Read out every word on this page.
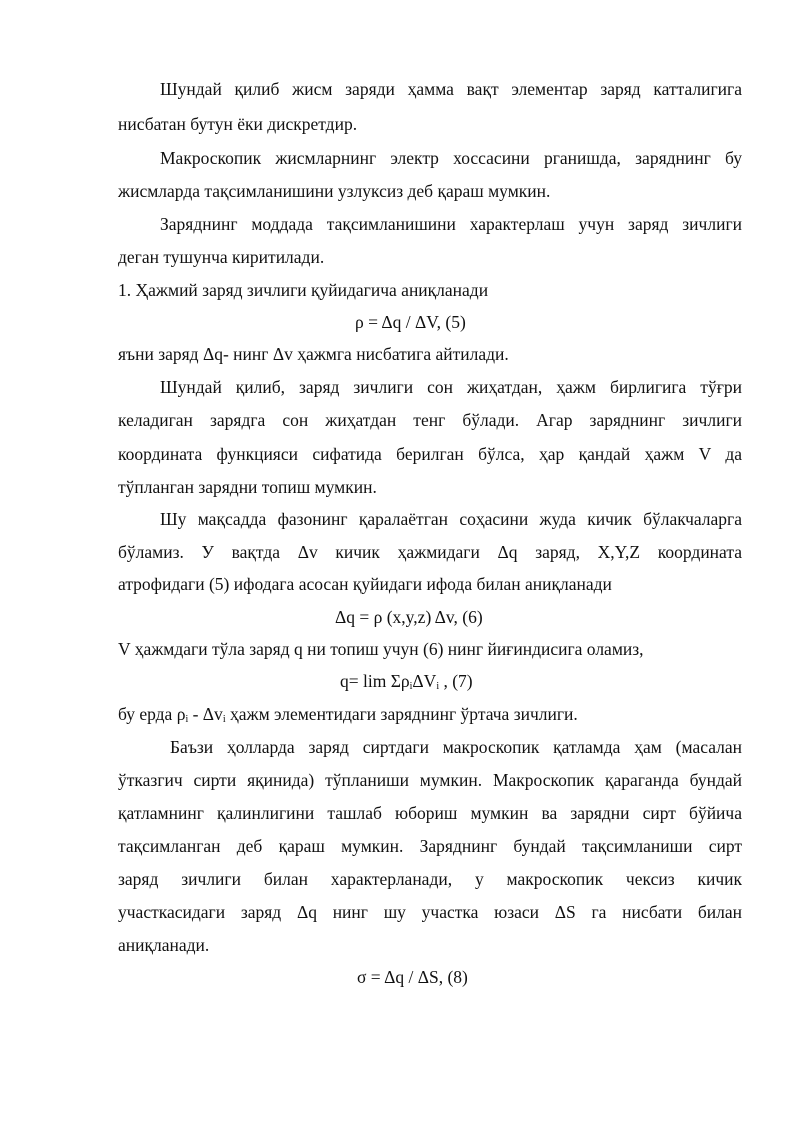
Шундай қилиб жисм заряди ҳамма вақт элементар заряд катталигига
нисбатан бутун ёки дискретдир.
Макроскопик жисмларнинг электр хоссасини рганишда, заряднинг бу
жисмларда тақсимланишини узлуксиз деб қараш мумкин.
Заряднинг моддада тақсимланишини характерлаш учун заряд зичлиги
деган тушунча киритилади.
1. Ҳажмий заряд зичлиги қуйидагича аниқланади
ρ = Δq / ΔV, (5)
яъни заряд Δq- нинг Δv ҳажмга нисбатига айтилади.
Шундай қилиб, заряд зичлиги сон жиҳатдан, ҳажм бирлигига тўғри
келадиган зарядга сон жиҳатдан тенг бўлади. Агар заряднинг зичлиги
координата функцияси сифатида берилган бўлса, ҳар қандай ҳажм V да
тўпланган зарядни топиш мумкин.
Шу мақсадда фазонинг қаралаётган соҳасини жуда кичик бўлакчаларга
бўламиз. У вақтда Δv кичик ҳажмидаги Δq заряд, X,Y,Z координата
атрофидаги (5) ифодага асосан қуйидаги ифода билан аниқланади
Δq = ρ (x,y,z) Δv, (6)
V ҳажмдаги тўла заряд q ни топиш учун (6) нинг йиғиндисига оламиз,
$q= \lim \Sigma\rho_i\Delta V_i$ , (7)
бу ерда $\rho_i - \Delta v_i$ ҳажм элементидаги заряднинг ўртача зичлиги.
Баъзи ҳолларда заряд сиртдаги макроскопик қатламда ҳам (масалан
ўтказгич сирти яқинида) тўпланиши мумкин. Макроскопик қараганда бундай
қатламнинг қалинлигини ташлаб юбориш мумкин ва зарядни сирт бўйича
тақсимланган деб қараш мумкин. Заряднинг бундай тақсимланиши сирт
заряд зичлиги билан характерланади, у макроскопик чексиз кичик
участкасидаги заряд Δq нинг шу участка юзаси ΔS га нисбати билан
аниқланади.
σ = Δq / ΔS, (8)
